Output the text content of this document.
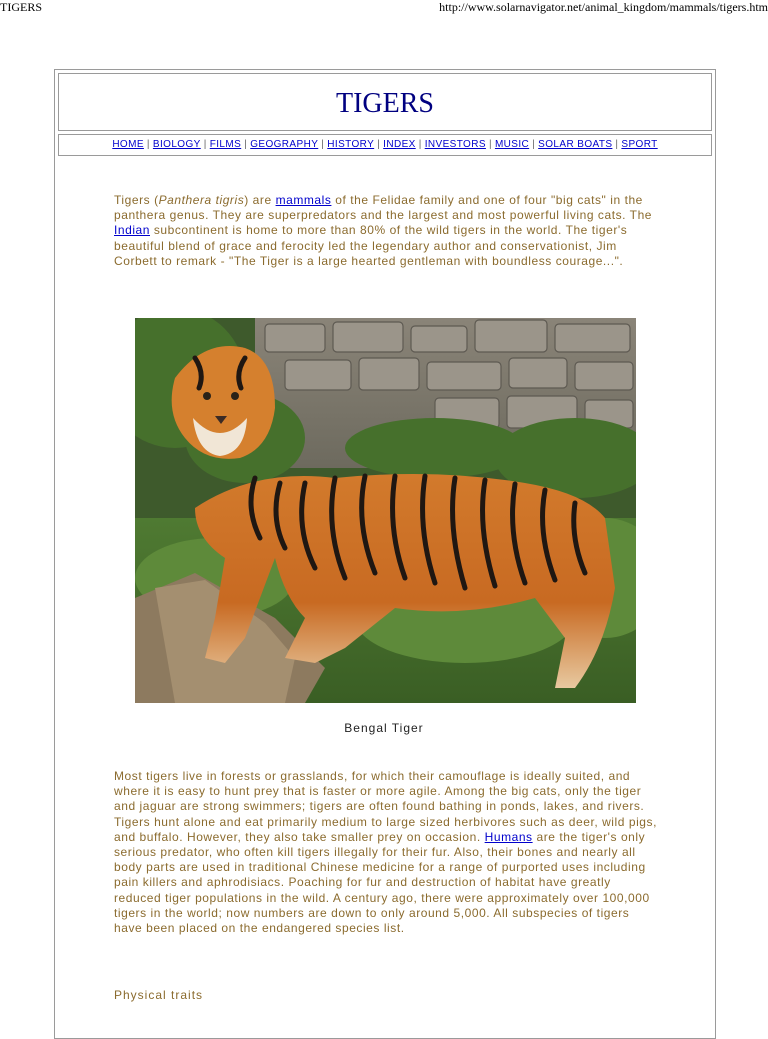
TIGERS	http://www.solarnavigator.net/animal_kingdom/mammals/tigers.htm
TIGERS
HOME | BIOLOGY | FILMS | GEOGRAPHY | HISTORY | INDEX | INVESTORS | MUSIC | SOLAR BOATS | SPORT
Tigers (Panthera tigris) are mammals of the Felidae family and one of four "big cats" in the panthera genus. They are superpredators and the largest and most powerful living cats. The Indian subcontinent is home to more than 80% of the wild tigers in the world. The tiger's beautiful blend of grace and ferocity led the legendary author and conservationist, Jim Corbett to remark - "The Tiger is a large hearted gentleman with boundless courage...".
Bengal Tiger
Most tigers live in forests or grasslands, for which their camouflage is ideally suited, and where it is easy to hunt prey that is faster or more agile. Among the big cats, only the tiger and jaguar are strong swimmers; tigers are often found bathing in ponds, lakes, and rivers. Tigers hunt alone and eat primarily medium to large sized herbivores such as deer, wild pigs, and buffalo. However, they also take smaller prey on occasion. Humans are the tiger's only serious predator, who often kill tigers illegally for their fur. Also, their bones and nearly all body parts are used in traditional Chinese medicine for a range of purported uses including pain killers and aphrodisiacs. Poaching for fur and destruction of habitat have greatly reduced tiger populations in the wild. A century ago, there were approximately over 100,000 tigers in the world; now numbers are down to only around 5,000. All subspecies of tigers have been placed on the endangered species list.
Physical traits
